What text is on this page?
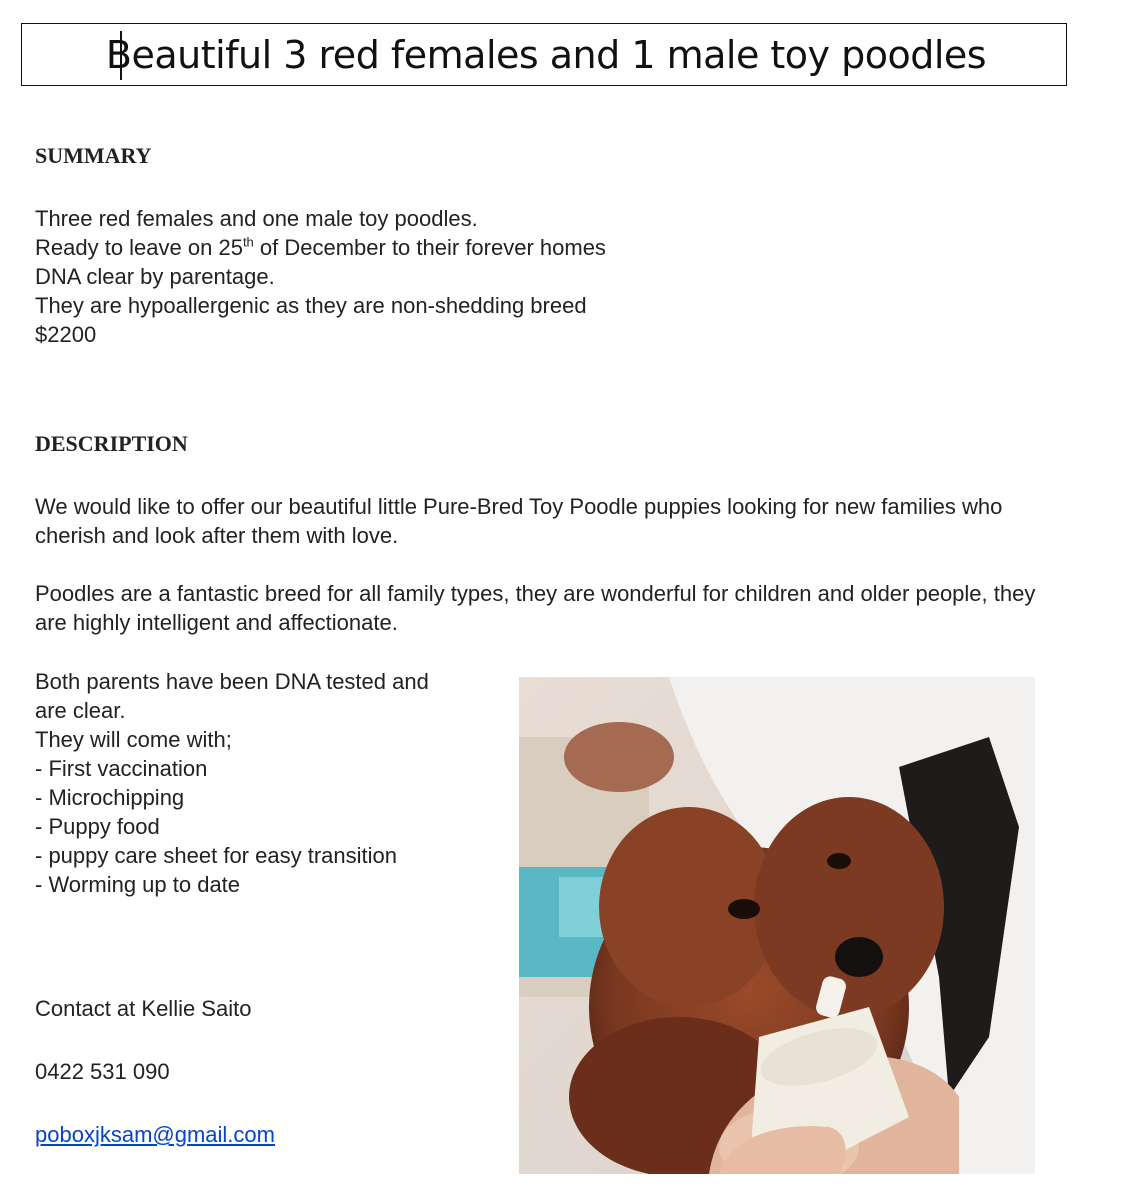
Beautiful 3 red females and 1 male toy poodles
SUMMARY
Three red females and one male toy poodles.
Ready to leave on 25th of December to their forever homes
DNA clear by parentage.
They are hypoallergenic as they are non-shedding breed
$2200
DESCRIPTION

We would like to offer our beautiful little Pure-Bred Toy Poodle puppies looking for new families who cherish and look after them with love.

Poodles are a fantastic breed for all family types, they are wonderful for children and older people, they are highly intelligent and affectionate.

Both parents have been DNA tested and
are clear.
They will come with;
- First vaccination
- Microchipping
- Puppy food
- puppy care sheet for easy transition
- Worming up to date
Contact at Kellie Saito
0422 531 090
poboxjksam@gmail.com
